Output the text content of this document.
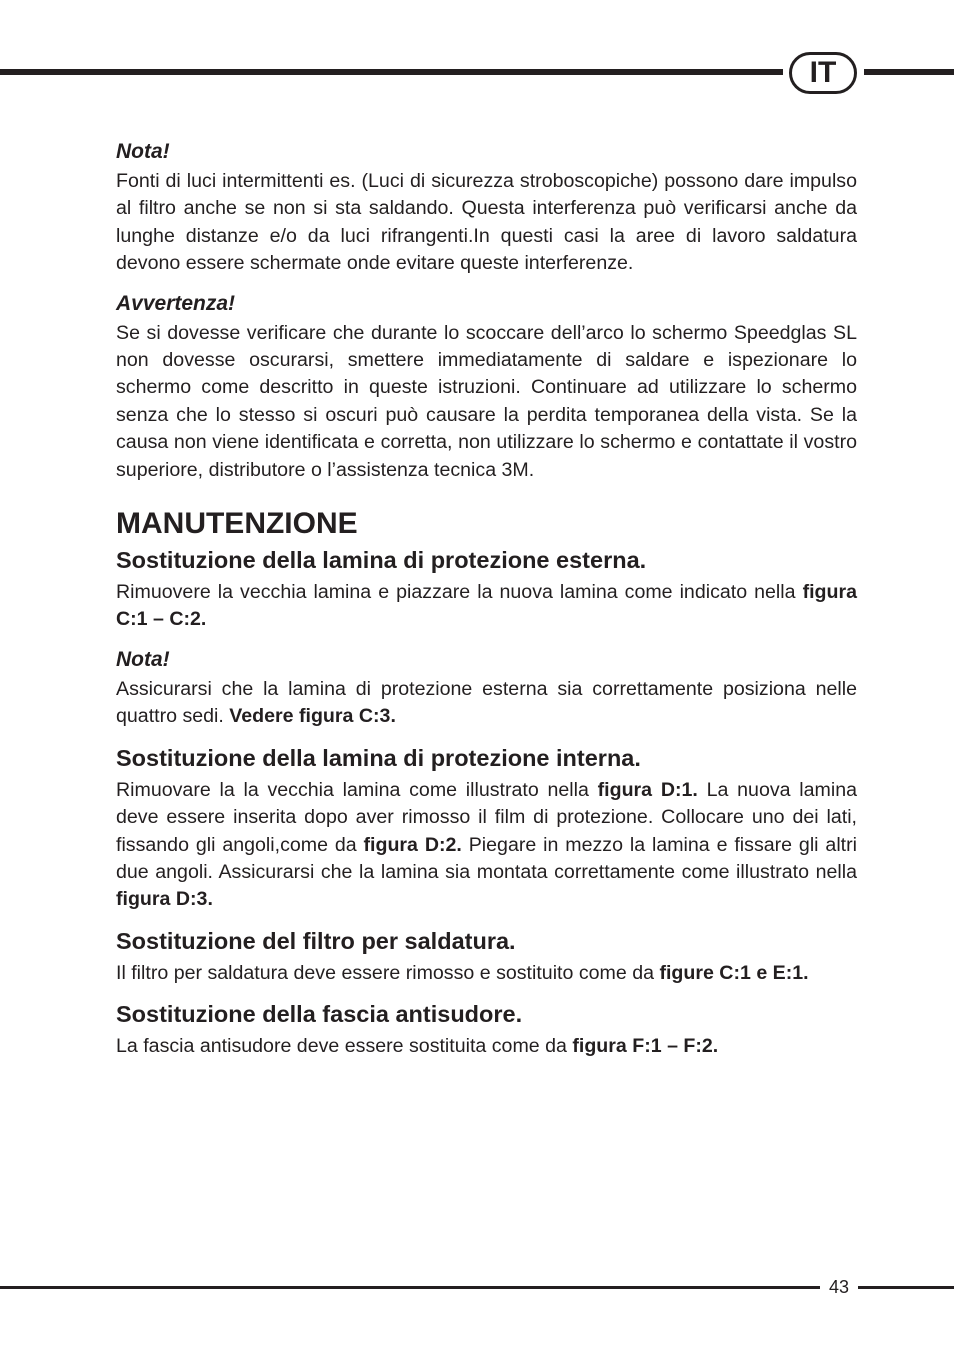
IT
Nota!

Fonti di luci intermittenti es. (Luci di sicurezza stroboscopiche) possono dare impulso al filtro anche se non si sta saldando. Questa interferenza può verificarsi anche da lunghe distanze e/o da luci rifrangenti.In questi casi la aree di lavoro saldatura devono essere schermate onde evitare queste interferenze.

Avvertenza!

Se si dovesse verificare che durante lo scoccare dell’arco lo schermo Speedglas SL non dovesse oscurarsi, smettere immediatamente di saldare e ispezionare lo schermo come descritto in queste istruzioni. Continuare ad utilizzare lo schermo senza che lo stesso si oscuri può causare la perdita temporanea della vista. Se la causa non viene identificata e corretta, non utilizzare lo schermo e contattate il vostro superiore, distributore o l’assistenza tecnica 3M.

MANUTENZIONE
Sostituzione della lamina di protezione esterna.

Rimuovere la vecchia lamina e piazzare la nuova lamina come indicato nella figura C:1 – C:2.

Nota!

Assicurarsi che la lamina di protezione esterna sia correttamente posiziona nelle quattro sedi. Vedere figura C:3.

Sostituzione della lamina di protezione interna.

Rimuovare la la vecchia lamina come illustrato nella figura D:1. La nuova lamina deve essere inserita dopo aver rimosso il film di protezione. Collocare uno dei lati, fissando gli angoli,come da figura D:2. Piegare in mezzo la lamina e fissare gli altri due angoli. Assicurarsi che la lamina sia montata correttamente come illustrato nella figura D:3.

Sostituzione del filtro per saldatura.

Il filtro per saldatura deve essere rimosso e sostituito come da figure C:1 e E:1.

Sostituzione della fascia antisudore.

La fascia antisudore deve essere sostituita come da figura F:1 – F:2.

43
